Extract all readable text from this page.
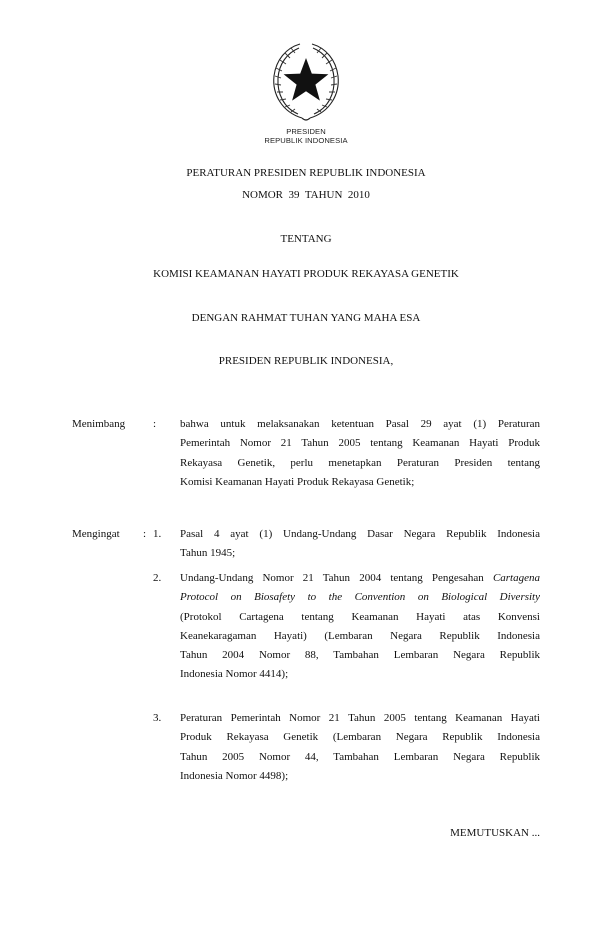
PRESIDEN
REPUBLIK INDONESIA
PERATURAN PRESIDEN REPUBLIK INDONESIA
NOMOR  39  TAHUN  2010
TENTANG
KOMISI KEAMANAN HAYATI PRODUK REKAYASA GENETIK
DENGAN RAHMAT TUHAN YANG MAHA ESA
PRESIDEN REPUBLIK INDONESIA,
Menimbang	: bahwa untuk melaksanakan ketentuan Pasal 29 ayat (1) Peraturan
Pemerintah Nomor 21 Tahun 2005 tentang Keamanan Hayati Produk
Rekayasa Genetik, perlu menetapkan Peraturan Presiden tentang
Komisi Keamanan Hayati Produk Rekayasa Genetik;
Mengingat : 1. Pasal 4 ayat (1) Undang-Undang Dasar Negara Republik Indonesia
Tahun 1945;
2. Undang-Undang Nomor 21 Tahun 2004 tentang Pengesahan Cartagena
Protocol on Biosafety to the Convention on Biological Diversity
(Protokol Cartagena tentang Keamanan Hayati atas Konvensi
Keanekaragaman Hayati) (Lembaran Negara Republik Indonesia
Tahun 2004 Nomor 88, Tambahan Lembaran Negara Republik
Indonesia Nomor 4414);
3. Peraturan Pemerintah Nomor 21 Tahun 2005 tentang Keamanan Hayati
Produk Rekayasa Genetik (Lembaran Negara Republik Indonesia
Tahun 2005 Nomor 44, Tambahan Lembaran Negara Republik
Indonesia Nomor 4498);
MEMUTUSKAN ...
